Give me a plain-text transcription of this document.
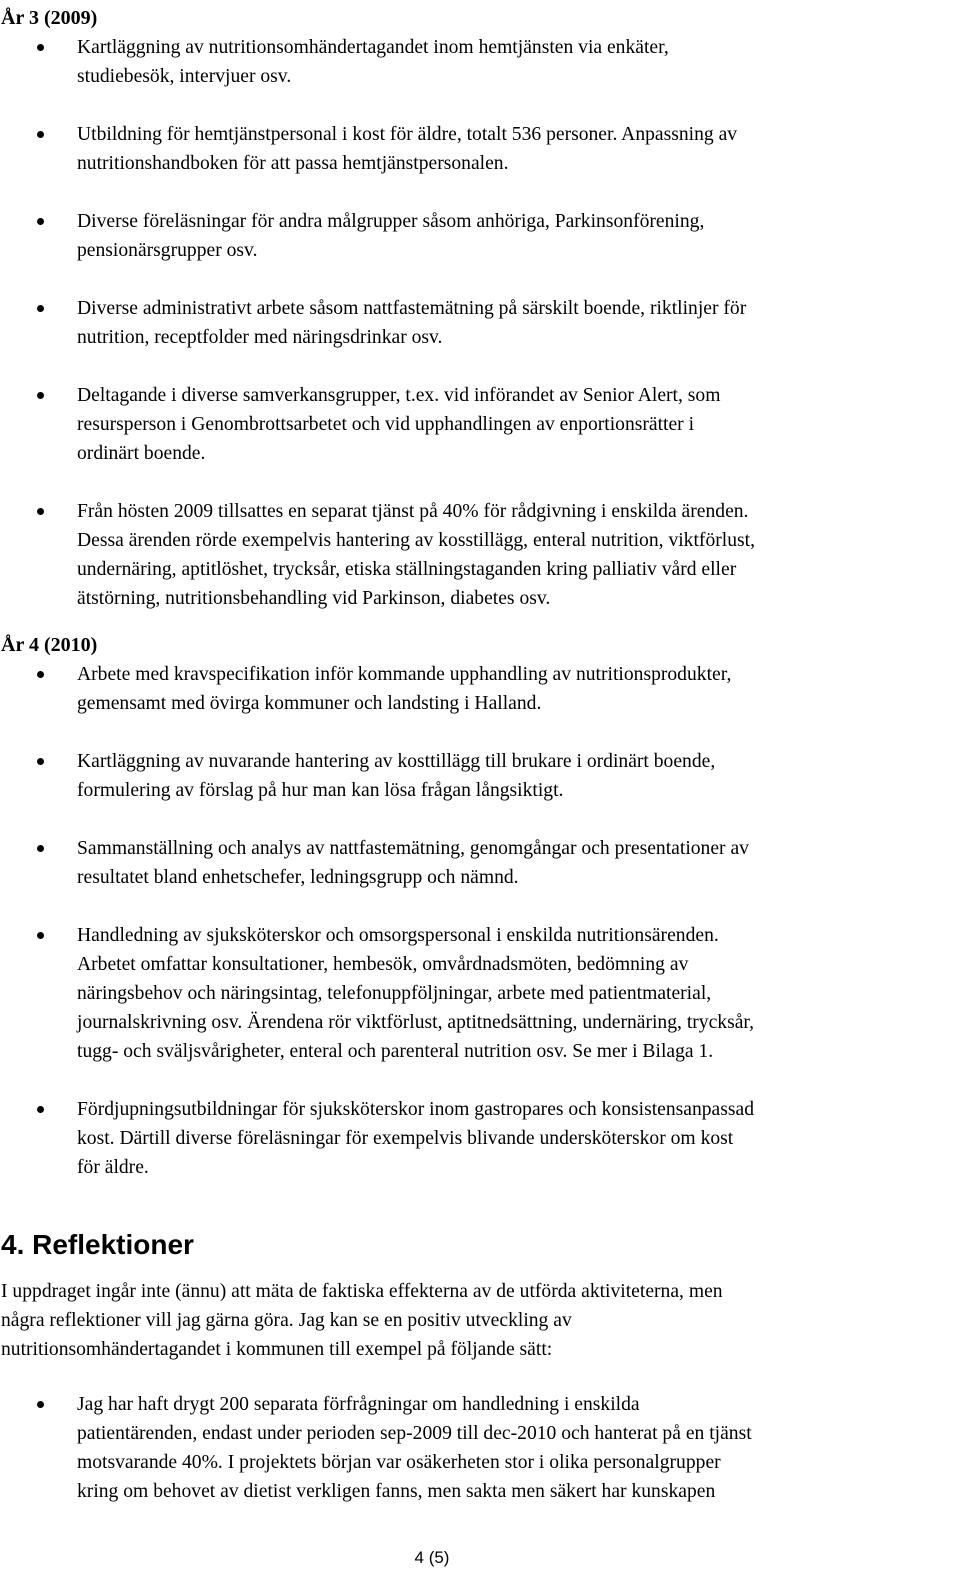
År 3 (2009)
Kartläggning av nutritionsomhändertagandet inom hemtjänsten via enkäter,
studiebesök, intervjuer osv.
Utbildning för hemtjänstpersonal i kost för äldre, totalt 536 personer. Anpassning av
nutritionshandboken för att passa hemtjänstpersonalen.
Diverse föreläsningar för andra målgrupper såsom anhöriga, Parkinsonförening,
pensionärsgrupper osv.
Diverse administrativt arbete såsom nattfastemätning på särskilt boende, riktlinjer för
nutrition, receptfolder med näringsdrinkar osv.
Deltagande i diverse samverkansgrupper, t.ex. vid införandet av Senior Alert, som
resursperson i Genombrottsarbetet och vid upphandlingen av enportionsrätter i
ordinärt boende.
Från hösten 2009 tillsattes en separat tjänst på 40% för rådgivning i enskilda ärenden.
Dessa ärenden rörde exempelvis hantering av kosstillägg, enteral nutrition, viktförlust,
undernäring, aptitlöshet, trycksår, etiska ställningstaganden kring palliativ vård eller
ätstörning, nutritionsbehandling vid Parkinson, diabetes osv.
År 4 (2010)
Arbete med kravspecifikation inför kommande upphandling av nutritionsprodukter,
gemensamt med övirga kommuner och landsting i Halland.
Kartläggning av nuvarande hantering av kosttillägg till brukare i ordinärt boende,
formulering av förslag på hur man kan lösa frågan långsiktigt.
Sammanställning och analys av nattfastemätning, genomgångar och presentationer av
resultatet bland enhetschefer, ledningsgrupp och nämnd.
Handledning av sjuksköterskor och omsorgspersonal i enskilda nutritionsärenden.
Arbetet omfattar konsultationer, hembesök, omvårdnadsmöten, bedömning av
näringsbehov och näringsintag, telefonuppföljningar, arbete med patientmaterial,
journalskrivning osv. Ärendena rör viktförlust, aptitnedsättning, undernäring, trycksår,
tugg- och sväljsvårigheter, enteral och parenteral nutrition osv. Se mer i Bilaga 1.
Fördjupningsutbildningar för sjuksköterskor inom gastropares och konsistensanpassad
kost. Därtill diverse föreläsningar för exempelvis blivande undersköterskor om kost
för äldre.
4. Reflektioner

I uppdraget ingår inte (ännu) att mäta de faktiska effekterna av de utförda aktiviteterna, men
några reflektioner vill jag gärna göra. Jag kan se en positiv utveckling av
nutritionsomhändertagandet i kommunen till exempel på följande sätt:

Jag har haft drygt 200 separata förfrågningar om handledning i enskilda
patientärenden, endast under perioden sep-2009 till dec-2010 och hanterat på en tjänst
motsvarande 40%. I projektets början var osäkerheten stor i olika personalgrupper
kring om behovet av dietist verkligen fanns, men sakta men säkert har kunskapen
4 (5)
